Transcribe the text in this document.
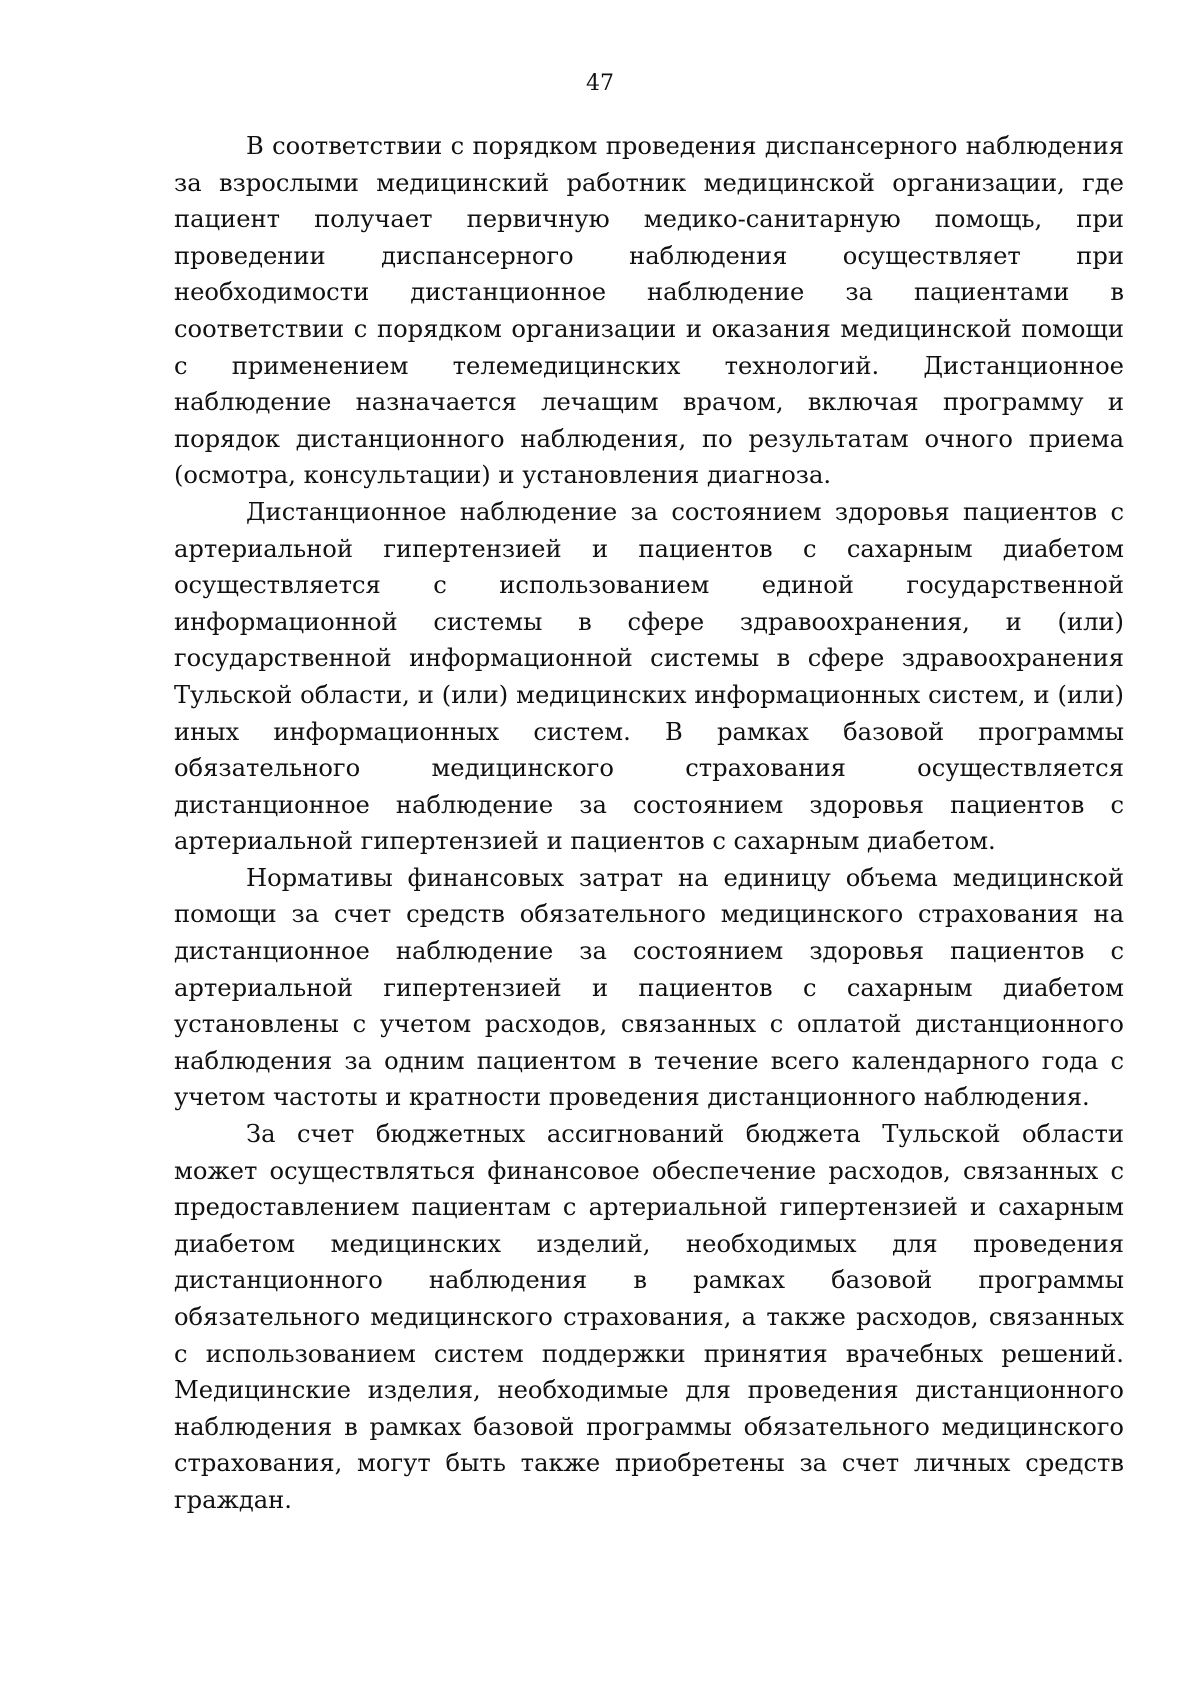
47

В соответствии с порядком проведения диспансерного наблюдения за взрослыми медицинский работник медицинской организации, где пациент получает первичную медико-санитарную помощь, при проведении диспансерного наблюдения осуществляет при необходимости дистанционное наблюдение за пациентами в соответствии с порядком организации и оказания медицинской помощи с применением телемедицинских технологий. Дистанционное наблюдение назначается лечащим врачом, включая программу и порядок дистанционного наблюдения, по результатам очного приема (осмотра, консультации) и установления диагноза.

Дистанционное наблюдение за состоянием здоровья пациентов с артериальной гипертензией и пациентов с сахарным диабетом осуществляется с использованием единой государственной информационной системы в сфере здравоохранения, и (или) государственной информационной системы в сфере здравоохранения Тульской области, и (или) медицинских информационных систем, и (или) иных информационных систем. В рамках базовой программы обязательного медицинского страхования осуществляется дистанционное наблюдение за состоянием здоровья пациентов с артериальной гипертензией и пациентов с сахарным диабетом.

Нормативы финансовых затрат на единицу объема медицинской помощи за счет средств обязательного медицинского страхования на дистанционное наблюдение за состоянием здоровья пациентов с артериальной гипертензией и пациентов с сахарным диабетом установлены с учетом расходов, связанных с оплатой дистанционного наблюдения за одним пациентом в течение всего календарного года с учетом частоты и кратности проведения дистанционного наблюдения.

За счет бюджетных ассигнований бюджета Тульской области может осуществляться финансовое обеспечение расходов, связанных с предоставлением пациентам с артериальной гипертензией и сахарным диабетом медицинских изделий, необходимых для проведения дистанционного наблюдения в рамках базовой программы обязательного медицинского страхования, а также расходов, связанных с использованием систем поддержки принятия врачебных решений. Медицинские изделия, необходимые для проведения дистанционного наблюдения в рамках базовой программы обязательного медицинского страхования, могут быть также приобретены за счет личных средств граждан.
